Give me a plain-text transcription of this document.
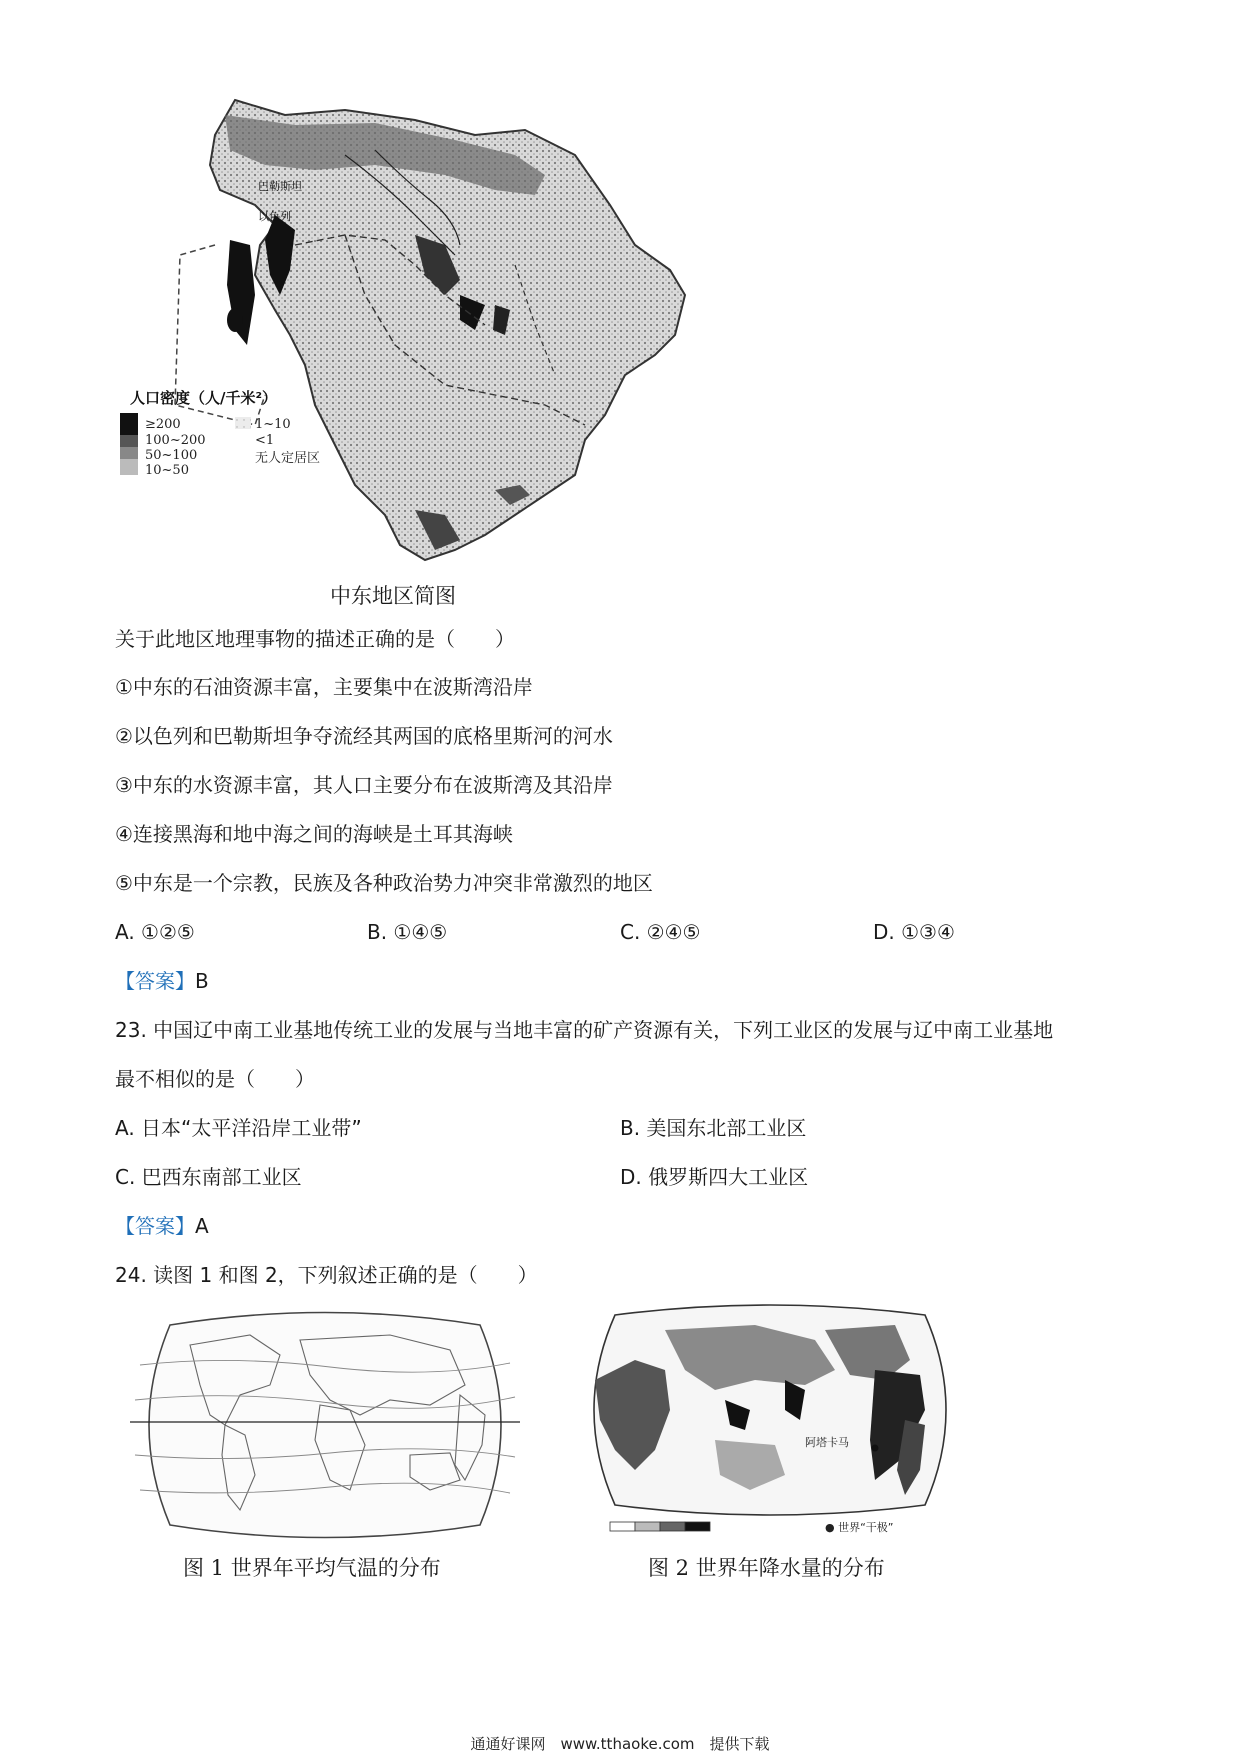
巴勒斯坦
以色列
人口密度（人/千米²）
≥200
100~200
50~100
10~50
1~10
<1
无人定居区
中东地区简图
关于此地区地理事物的描述正确的是（　　）
①中东的石油资源丰富，主要集中在波斯湾沿岸
②以色列和巴勒斯坦争夺流经其两国的底格里斯河的河水
③中东的水资源丰富，其人口主要分布在波斯湾及其沿岸
④连接黑海和地中海之间的海峡是土耳其海峡
⑤中东是一个宗教，民族及各种政治势力冲突非常激烈的地区
A. ①②⑤	B. ①④⑤	C. ②④⑤	D. ①③④
【答案】B
23. 中国辽中南工业基地传统工业的发展与当地丰富的矿产资源有关，下列工业区的发展与辽中南工业基地
最不相似的是（　　）
A. 日本“太平洋沿岸工业带”	B. 美国东北部工业区
C. 巴西东南部工业区	D. 俄罗斯四大工业区
【答案】A
24. 读图 1 和图 2，下列叙述正确的是（　　）
图 1 世界年平均气温的分布
阿塔卡马
● 世界“干极”
图 2 世界年降水量的分布
通通好课网　www.tthaoke.com　提供下载
